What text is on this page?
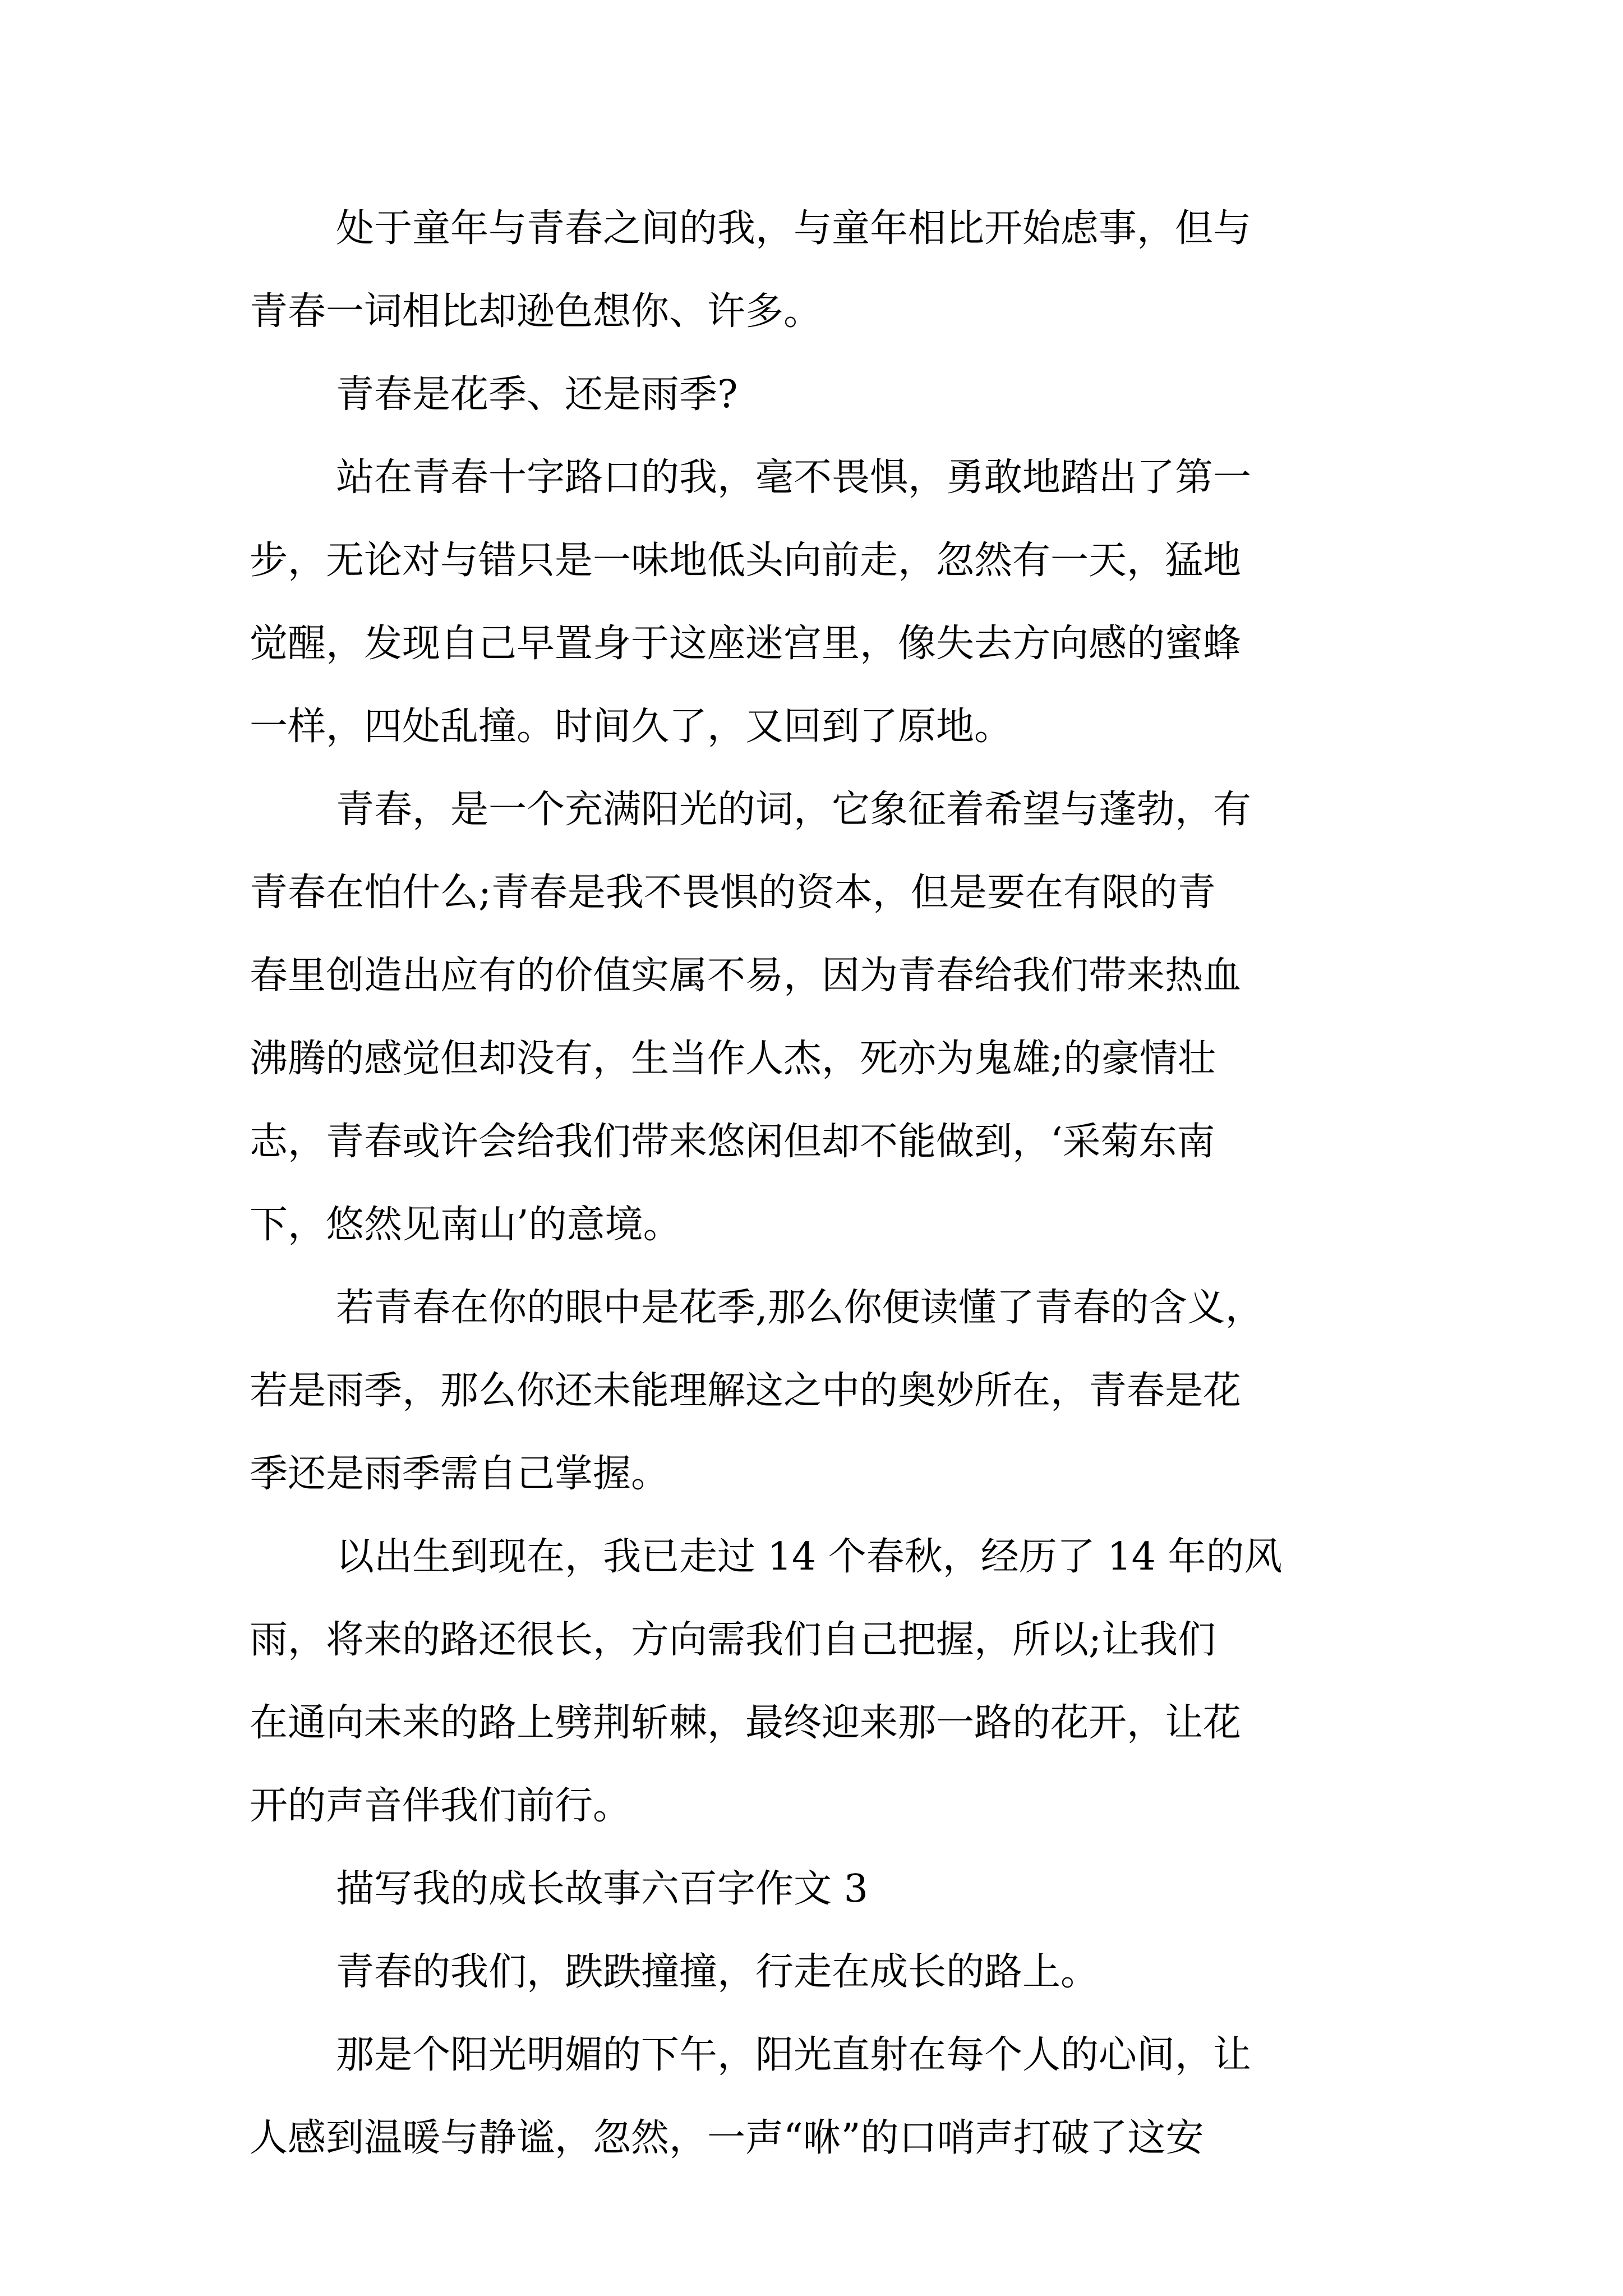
处于童年与青春之间的我，与童年相比开始虑事，但与

青春一词相比却逊色想你、许多。

青春是花季、还是雨季?

站在青春十字路口的我，毫不畏惧，勇敢地踏出了第一

步，无论对与错只是一味地低头向前走，忽然有一天，猛地

觉醒，发现自己早置身于这座迷宫里，像失去方向感的蜜蜂

一样，四处乱撞。时间久了，又回到了原地。

青春，是一个充满阳光的词，它象征着希望与蓬勃，有

青春在怕什么;青春是我不畏惧的资本，但是要在有限的青

春里创造出应有的价值实属不易，因为青春给我们带来热血

沸腾的感觉但却没有，生当作人杰，死亦为鬼雄;的豪情壮

志，青春或许会给我们带来悠闲但却不能做到，‘采菊东南

下，悠然见南山’的意境。

若青春在你的眼中是花季,那么你便读懂了青春的含义，

若是雨季，那么你还未能理解这之中的奥妙所在，青春是花

季还是雨季需自己掌握。

以出生到现在，我已走过 14 个春秋，经历了 14 年的风

雨，将来的路还很长，方向需我们自己把握，所以;让我们

在通向未来的路上劈荆斩棘，最终迎来那一路的花开，让花

开的声音伴我们前行。

描写我的成长故事六百字作文 3

青春的我们，跌跌撞撞，行走在成长的路上。

那是个阳光明媚的下午，阳光直射在每个人的心间，让

人感到温暖与静谧，忽然，一声“咻”的口哨声打破了这安
